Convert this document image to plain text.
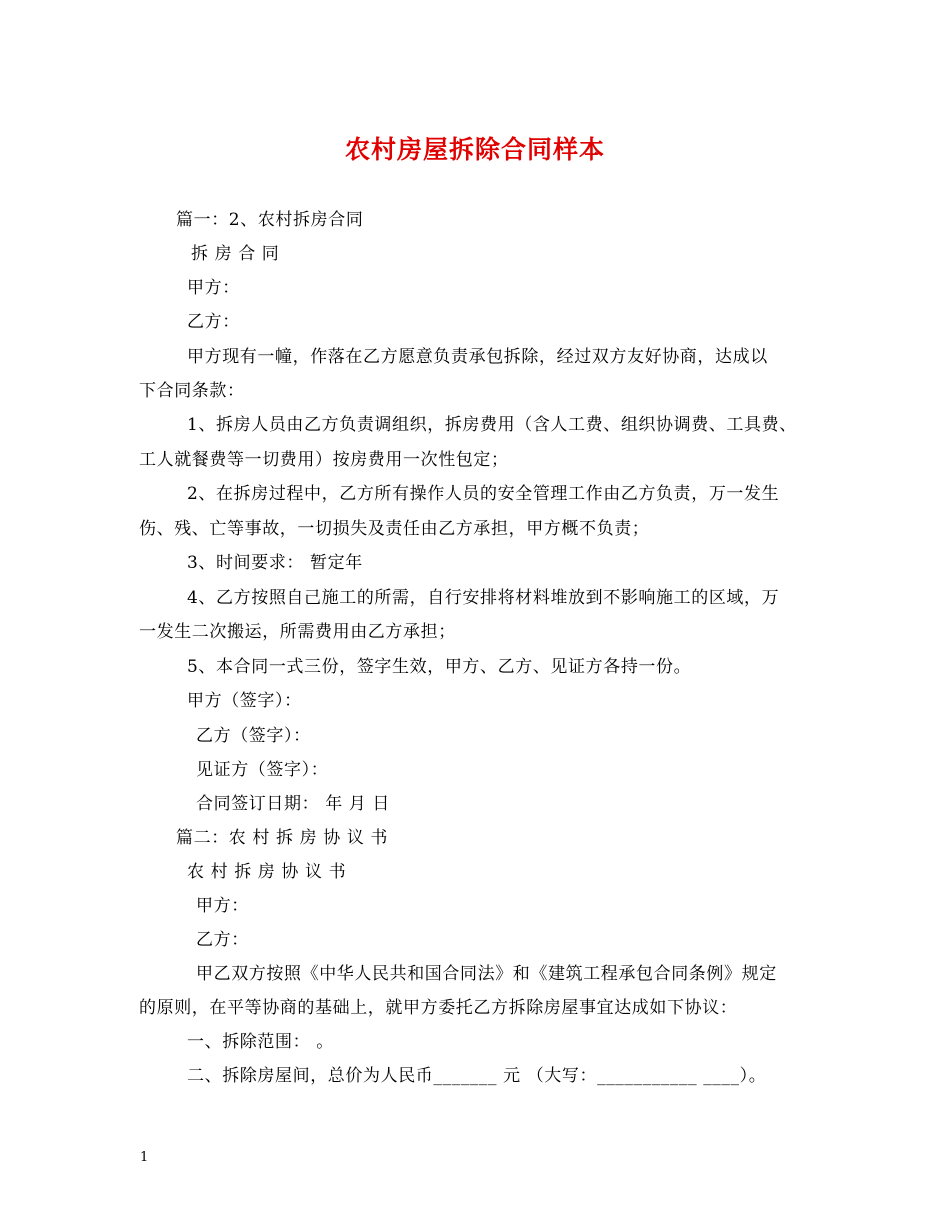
农村房屋拆除合同样本
篇一：2、农村拆房合同
拆 房 合 同
甲方：
乙方：
甲方现有一幢，作落在乙方愿意负责承包拆除，经过双方友好协商，达成以
下合同条款：
1、拆房人员由乙方负责调组织，拆房费用（含人工费、组织协调费、工具费、
工人就餐费等一切费用）按房费用一次性包定；
2、在拆房过程中，乙方所有操作人员的安全管理工作由乙方负责，万一发生
伤、残、亡等事故，一切损失及责任由乙方承担，甲方概不负责；
3、时间要求： 暂定年
4、乙方按照自己施工的所需，自行安排将材料堆放到不影响施工的区域，万
一发生二次搬运，所需费用由乙方承担；
5、本合同一式三份，签字生效，甲方、乙方、见证方各持一份。
甲方（签字）：
乙方（签字）：
见证方（签字）：
合同签订日期： 年 月 日
篇二：农 村 拆 房 协 议 书
农 村 拆 房 协 议 书
甲方：
乙方：
甲乙双方按照《中华人民共和国合同法》和《建筑工程承包合同条例》规定
的原则，在平等协商的基础上，就甲方委托乙方拆除房屋事宜达成如下协议：
一、拆除范围： 。
二、拆除房屋间，总价为人民币_______ 元 （大写：___________ ____）。
1
